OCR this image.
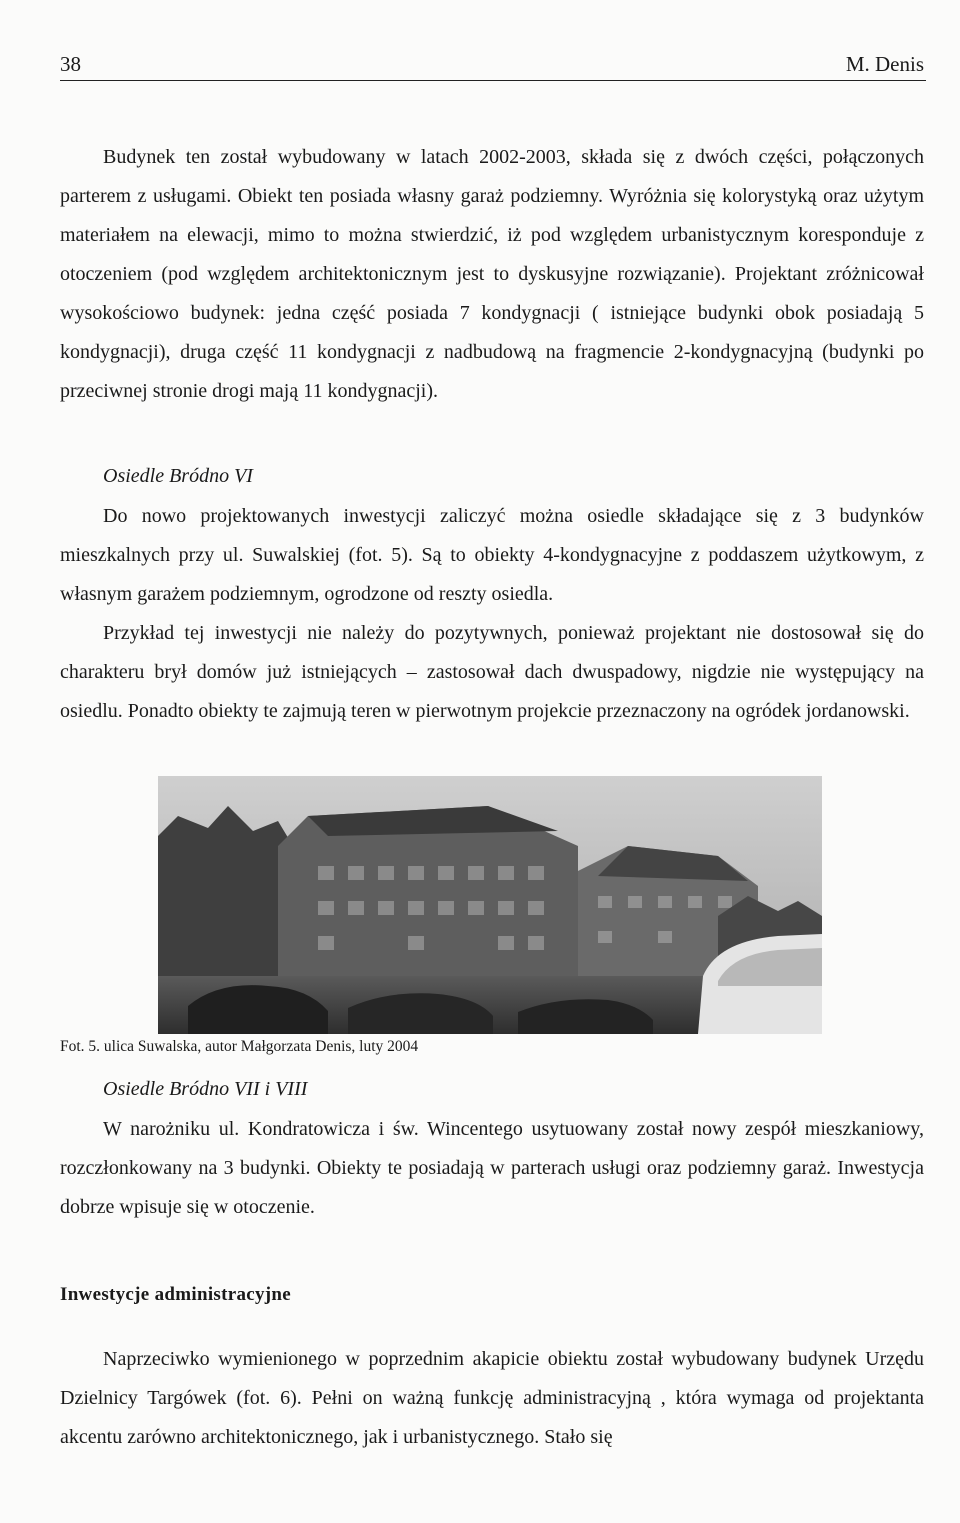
38	M. Denis

Budynek ten został wybudowany w latach 2002-2003, składa się z dwóch części, połączonych parterem z usługami. Obiekt ten posiada własny garaż podziemny. Wyróżnia się kolorystyką oraz użytym materiałem na elewacji, mimo to można stwierdzić, iż pod względem urbanistycznym koresponduje z otoczeniem (pod względem architektonicznym jest to dyskusyjne rozwiązanie). Projektant zróżnicował wysokościowo budynek: jedna część posiada 7 kondygnacji ( istniejące budynki obok posiadają 5 kondygnacji), druga część 11 kondygnacji z nadbudową na fragmencie 2-kondygnacyjną (budynki po przeciwnej stronie drogi mają 11 kondygnacji).

Osiedle Bródno VI

Do nowo projektowanych inwestycji zaliczyć można osiedle składające się z 3 budynków mieszkalnych przy ul. Suwalskiej (fot. 5). Są to obiekty 4-kondygnacyjne z poddaszem użytkowym, z własnym garażem podziemnym, ogrodzone od reszty osiedla.

Przykład tej inwestycji nie należy do pozytywnych, ponieważ projektant nie dostosował się do charakteru brył domów już istniejących – zastosował dach dwuspadowy, nigdzie nie występujący na osiedlu. Ponadto obiekty te zajmują teren w pierwotnym projekcie przeznaczony na ogródek jordanowski.

Fot. 5. ulica Suwalska, autor Małgorzata Denis, luty 2004

Osiedle Bródno VII i VIII

W narożniku ul. Kondratowicza i św. Wincentego usytuowany został nowy zespół mieszkaniowy, rozczłonkowany na 3 budynki. Obiekty te posiadają w parterach usługi oraz podziemny garaż. Inwestycja dobrze wpisuje się w otoczenie.

Inwestycje administracyjne

Naprzeciwko wymienionego w poprzednim akapicie obiektu został wybudowany budynek Urzędu Dzielnicy Targówek (fot. 6). Pełni on ważną funkcję administracyjną , która wymaga od projektanta akcentu zarówno architektonicznego, jak i urbanistycznego. Stało się
